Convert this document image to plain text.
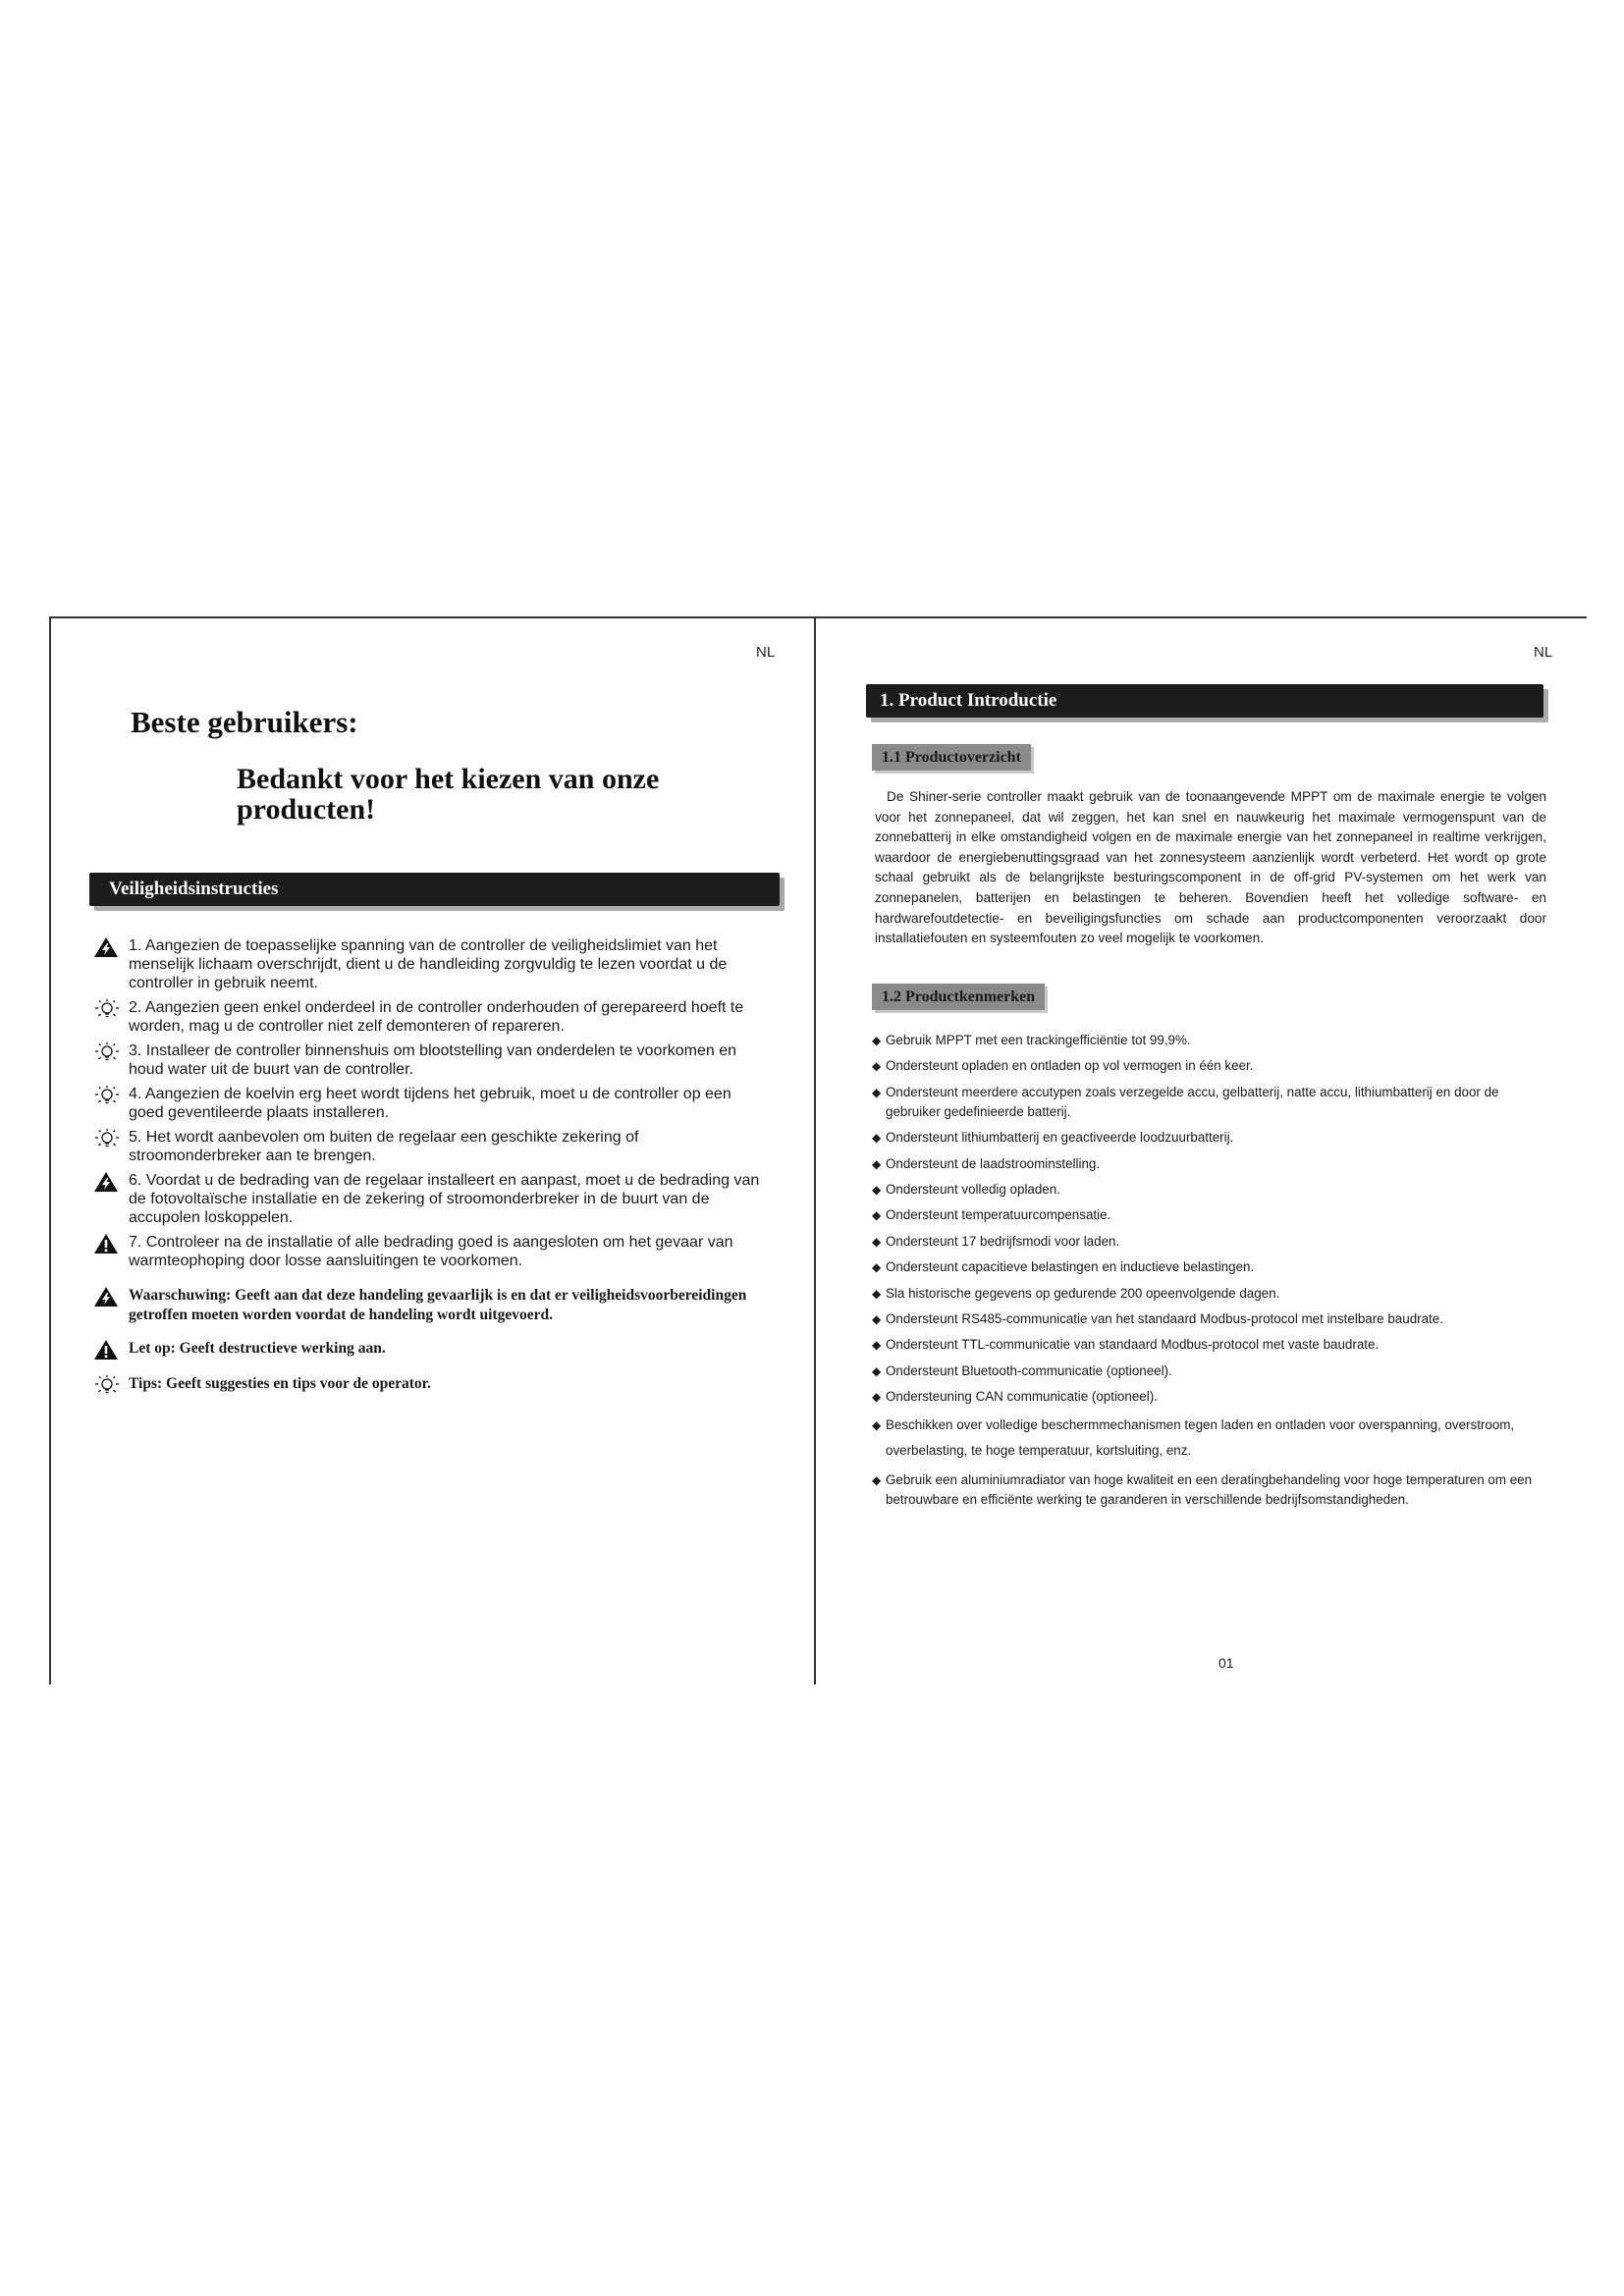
NL	NL
Beste gebruikers:
Bedankt voor het kiezen van onze producten!
Veiligheidsinstructies
1. Aangezien de toepasselijke spanning van de controller de veiligheidslimiet van het menselijk lichaam overschrijdt, dient u de handleiding zorgvuldig te lezen voordat u de controller in gebruik neemt.
2. Aangezien geen enkel onderdeel in de controller onderhouden of gerepareerd hoeft te worden, mag u de controller niet zelf demonteren of repareren.
3. Installeer de controller binnenshuis om blootstelling van onderdelen te voorkomen en houd water uit de buurt van de controller.
4. Aangezien de koelvin erg heet wordt tijdens het gebruik, moet u de controller op een goed geventileerde plaats installeren.
5. Het wordt aanbevolen om buiten de regelaar een geschikte zekering of stroomonderbreker aan te brengen.
6. Voordat u de bedrading van de regelaar installeert en aanpast, moet u de bedrading van de fotovoltaïsche installatie en de zekering of stroomonderbreker in de buurt van de accupolen loskoppelen.
7. Controleer na de installatie of alle bedrading goed is aangesloten om het gevaar van warmteophoping door losse aansluitingen te voorkomen.
Waarschuwing: Geeft aan dat deze handeling gevaarlijk is en dat er veiligheidsvoorbereidingen getroffen moeten worden voordat de handeling wordt uitgevoerd.
Let op: Geeft destructieve werking aan.
Tips: Geeft suggesties en tips voor de operator.
1. Product Introductie
1.1 Productoverzicht

De Shiner-serie controller maakt gebruik van de toonaangevende MPPT om de maximale energie te volgen voor het zonnepaneel, dat wil zeggen, het kan snel en nauwkeurig het maximale vermogenspunt van de zonnebatterij in elke omstandigheid volgen en de maximale energie van het zonnepaneel in realtime verkrijgen, waardoor de energiebenuttingsgraad van het zonnesysteem aanzienlijk wordt verbeterd. Het wordt op grote schaal gebruikt als de belangrijkste besturingscomponent in de off-grid PV-systemen om het werk van zonnepanelen, batterijen en belastingen te beheren. Bovendien heeft het volledige software- en hardwarefoutdetectie- en beveiligingsfuncties om schade aan productcomponenten veroorzaakt door installatiefouten en systeemfouten zo veel mogelijk te voorkomen.

1.2 Productkenmerken
◆ Gebruik MPPT met een trackingefficiëntie tot 99,9%.
◆ Ondersteunt opladen en ontladen op vol vermogen in één keer.
◆ Ondersteunt meerdere accutypen zoals verzegelde accu, gelbatterij, natte accu, lithiumbatterij en door de gebruiker gedefinieerde batterij.
◆ Ondersteunt lithiumbatterij en geactiveerde loodzuurbatterij.
◆ Ondersteunt de laadstroominstelling.
◆ Ondersteunt volledig opladen.
◆ Ondersteunt temperatuurcompensatie.
◆ Ondersteunt 17 bedrijfsmodi voor laden.
◆ Ondersteunt capacitieve belastingen en inductieve belastingen.
◆ Sla historische gegevens op gedurende 200 opeenvolgende dagen.
◆ Ondersteunt RS485-communicatie van het standaard Modbus-protocol met instelbare baudrate.
◆ Ondersteunt TTL-communicatie van standaard Modbus-protocol met vaste baudrate.
◆ Ondersteunt Bluetooth-communicatie (optioneel).
◆ Ondersteuning CAN communicatie (optioneel).
◆ Beschikken over volledige beschermmechanismen tegen laden en ontladen voor overspanning, overstroom, overbelasting, te hoge temperatuur, kortsluiting, enz.
◆ Gebruik een aluminiumradiator van hoge kwaliteit en een deratingbehandeling voor hoge temperaturen om een betrouwbare en efficiënte werking te garanderen in verschillende bedrijfsomstandigheden.
01
